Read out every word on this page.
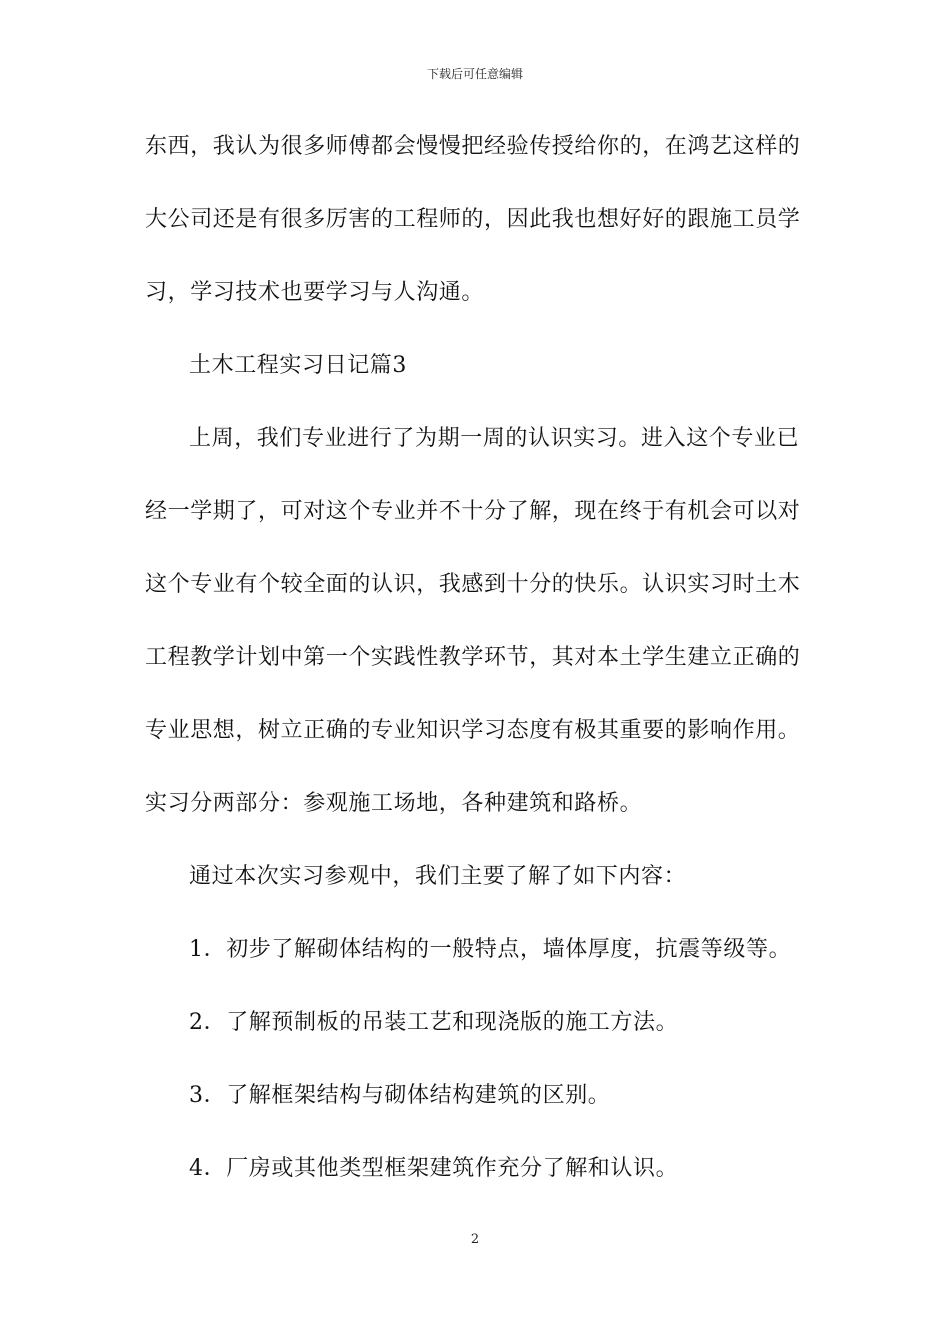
下载后可任意编辑
东西，我认为很多师傅都会慢慢把经验传授给你的，在鸿艺这样的
大公司还是有很多厉害的工程师的，因此我也想好好的跟施工员学
习，学习技术也要学习与人沟通。
土木工程实习日记篇3
上周，我们专业进行了为期一周的认识实习。进入这个专业已
经一学期了，可对这个专业并不十分了解，现在终于有机会可以对
这个专业有个较全面的认识，我感到十分的快乐。认识实习时土木
工程教学计划中第一个实践性教学环节，其对本土学生建立正确的
专业思想，树立正确的专业知识学习态度有极其重要的影响作用。
实习分两部分：参观施工场地，各种建筑和路桥。
通过本次实习参观中，我们主要了解了如下内容：
1．初步了解砌体结构的一般特点，墙体厚度，抗震等级等。
2．了解预制板的吊装工艺和现浇版的施工方法。
3．了解框架结构与砌体结构建筑的区别。
4．厂房或其他类型框架建筑作充分了解和认识。
2
